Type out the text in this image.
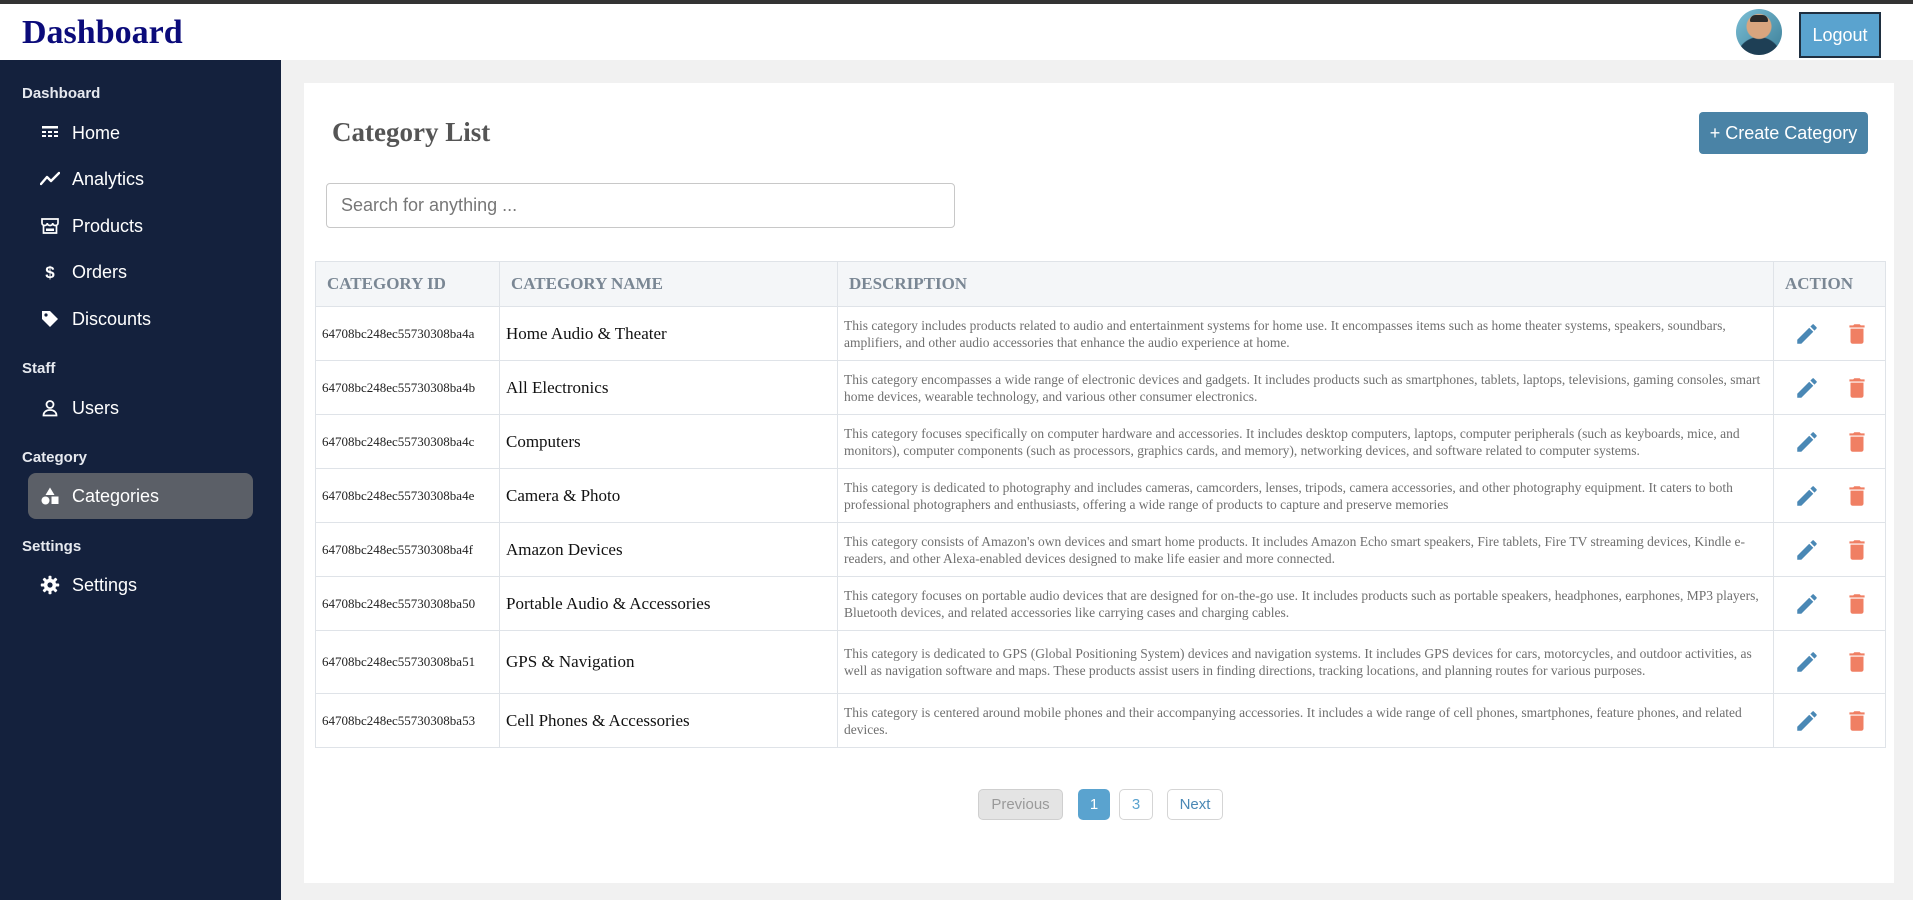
Dashboard	Logout
Dashboard
Home
Analytics
Products
$ Orders
Discounts
Staff
Users
Category
Categories
Settings
Settings
Category List	+ Create Category
Search for anything ...
CATEGORY ID	CATEGORY NAME	DESCRIPTION	ACTION
64708bc248ec55730308ba4a	Home Audio & Theater	This category includes products related to audio and entertainment systems for home use. It encompasses items such as home theater systems, speakers, soundbars, amplifiers, and other audio accessories that enhance the audio experience at home.	

64708bc248ec55730308ba4b	All Electronics	This category encompasses a wide range of electronic devices and gadgets. It includes products such as smartphones, tablets, laptops, televisions, gaming consoles, smart home devices, wearable technology, and various other consumer electronics.	

64708bc248ec55730308ba4c	Computers	This category focuses specifically on computer hardware and accessories. It includes desktop computers, laptops, computer peripherals (such as keyboards, mice, and monitors), computer components (such as processors, graphics cards, and memory), networking devices, and software related to computer systems.	

64708bc248ec55730308ba4e	Camera & Photo	This category is dedicated to photography and includes cameras, camcorders, lenses, tripods, camera accessories, and other photography equipment. It caters to both professional photographers and enthusiasts, offering a wide range of products to capture and preserve memories	

64708bc248ec55730308ba4f	Amazon Devices	This category consists of Amazon's own devices and smart home products. It includes Amazon Echo smart speakers, Fire tablets, Fire TV streaming devices, Kindle e-readers, and other Alexa-enabled devices designed to make life easier and more connected.	

64708bc248ec55730308ba50	Portable Audio & Accessories	This category focuses on portable audio devices that are designed for on-the-go use. It includes products such as portable speakers, headphones, earphones, MP3 players, Bluetooth devices, and related accessories like carrying cases and charging cables.	

64708bc248ec55730308ba51	GPS & Navigation	This category is dedicated to GPS (Global Positioning System) devices and navigation systems. It includes GPS devices for cars, motorcycles, and outdoor activities, as well as navigation software and maps. These products assist users in finding directions, tracking locations, and planning routes for various purposes.	

64708bc248ec55730308ba53	Cell Phones & Accessories	This category is centered around mobile phones and their accompanying accessories. It includes a wide range of cell phones, smartphones, feature phones, and related devices.	
Previous	1	3	Next
